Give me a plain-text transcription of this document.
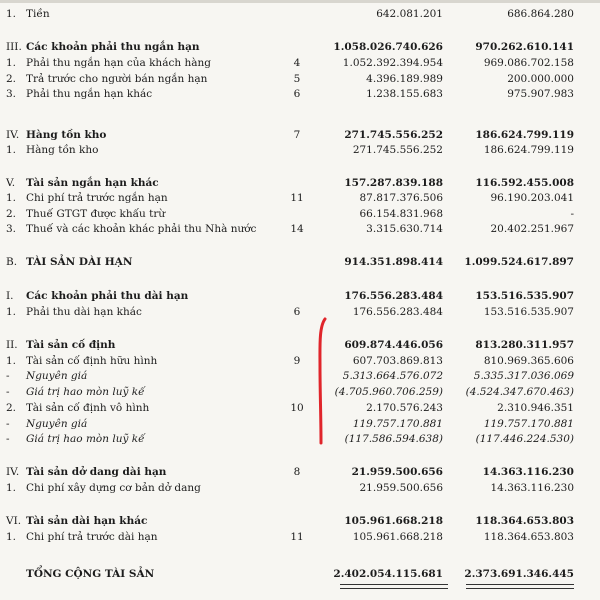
1. Tiền	642.081.201	686.864.280
III. Các khoản phải thu ngắn hạn	1.058.026.740.626	970.262.610.141
1. Phải thu ngắn hạn của khách hàng	4	1.052.392.394.954	969.086.702.158
2. Trả trước cho người bán ngắn hạn	5	4.396.189.989	200.000.000
3. Phải thu ngắn hạn khác	6	1.238.155.683	975.907.983
IV. Hàng tồn kho	7	271.745.556.252	186.624.799.119
1. Hàng tồn kho	271.745.556.252	186.624.799.119
V.	Tài sản ngắn hạn khác	157.287.839.188	116.592.455.008
1. Chi phí trả trước ngắn hạn	11	87.817.376.506	96.190.203.041
2. Thuế GTGT được khấu trừ	66.154.831.968	-
3. Thuế và các khoản khác phải thu Nhà nước	14	3.315.630.714	20.402.251.967
B. TÀI SẢN DÀI HẠN	914.351.898.414 1.099.524.617.897
I.	Các khoản phải thu dài hạn	176.556.283.484	153.516.535.907
1. Phải thu dài hạn khác	6	176.556.283.484	153.516.535.907
II. Tài sản cố định	609.874.446.056	813.280.311.957
1. Tài sản cố định hữu hình	9	607.703.869.813	810.969.365.606
-	Nguyên giá	5.313.664.576.072	5.335.317.036.069
-	Giá trị hao mòn luỹ kế	(4.705.960.706.259) (4.524.347.670.463)
2. Tài sản cố định vô hình	10	2.170.576.243	2.310.946.351
-	Nguyên giá	119.757.170.881	119.757.170.881
-	Giá trị hao mòn luỹ kế	(117.586.594.638)	(117.446.224.530)
IV. Tài sản dở dang dài hạn	8	21.959.500.656	14.363.116.230
1. Chi phí xây dựng cơ bản dở dang	21.959.500.656	14.363.116.230
VI. Tài sản dài hạn khác	105.961.668.218	118.364.653.803
1. Chi phí trả trước dài hạn	11	105.961.668.218	118.364.653.803
TỔNG CỘNG TÀI SẢN	2.402.054.115.681 2.373.691.346.445
